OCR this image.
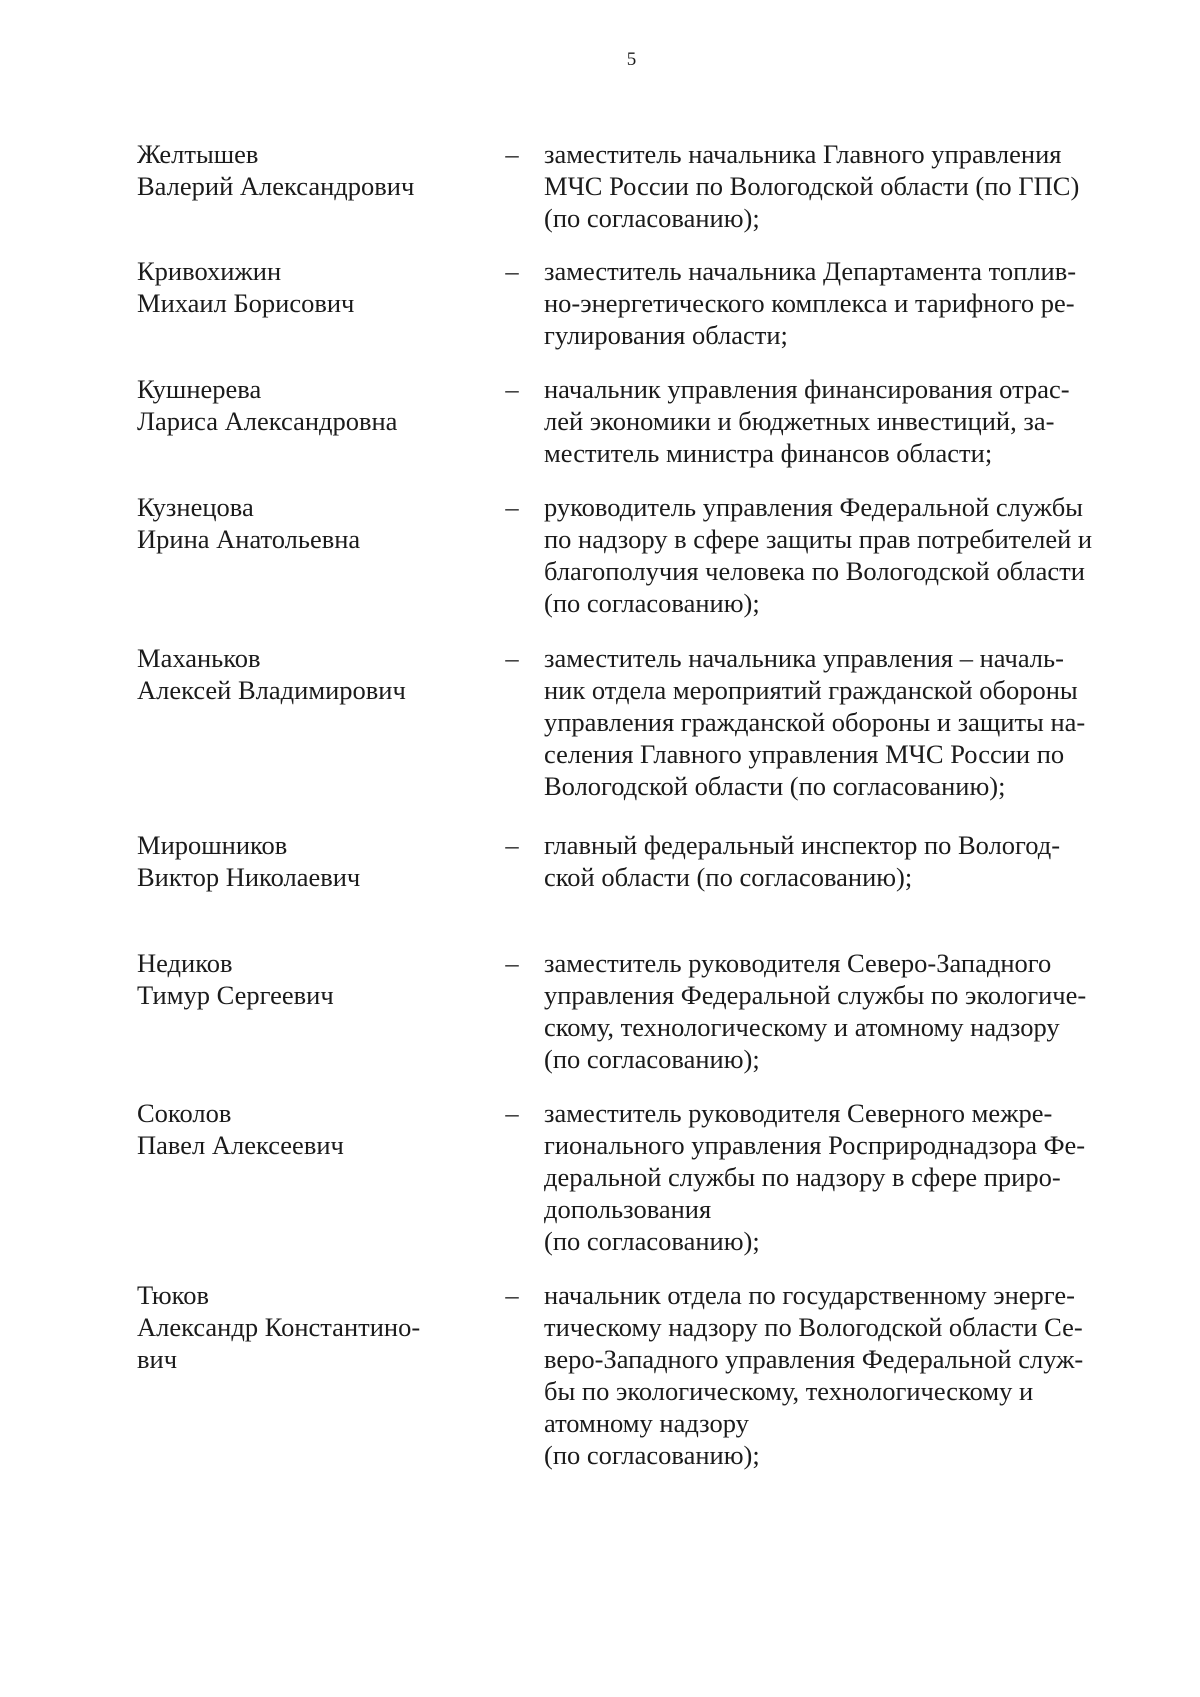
5
Желтышев
Валерий Александрович
– заместитель начальника Главного управления
МЧС России по Вологодской области (по ГПС)
(по согласованию);
Кривохижин
Михаил Борисович
– заместитель начальника Департамента топлив-
но-энергетического комплекса и тарифного ре-
гулирования области;
Кушнерева
Лариса Александровна
– начальник управления финансирования отрас-
лей экономики и бюджетных инвестиций, за-
меститель министра финансов области;
Кузнецова
Ирина Анатольевна
– руководитель управления Федеральной службы
по надзору в сфере защиты прав потребителей и
благополучия человека по Вологодской области
(по согласованию);
Маханьков
Алексей Владимирович
– заместитель начальника управления – началь-
ник отдела мероприятий гражданской обороны
управления гражданской обороны и защиты на-
селения Главного управления МЧС России по
Вологодской области (по согласованию);
Мирошников
Виктор Николаевич
– главный федеральный инспектор по Вологод-
ской области (по согласованию);
Недиков
Тимур Сергеевич
– заместитель руководителя Северо-Западного
управления Федеральной службы по экологиче-
скому, технологическому и атомному надзору
(по согласованию);
Соколов
Павел Алексеевич
– заместитель руководителя Северного межре-
гионального управления Росприроднадзора Фе-
деральной службы по надзору в сфере приро-
допользования
(по согласованию);
Тюков
Александр Константино-
вич
– начальник отдела по государственному энерге-
тическому надзору по Вологодской области Се-
веро-Западного управления Федеральной служ-
бы по экологическому, технологическому и
атомному надзору
(по согласованию);
